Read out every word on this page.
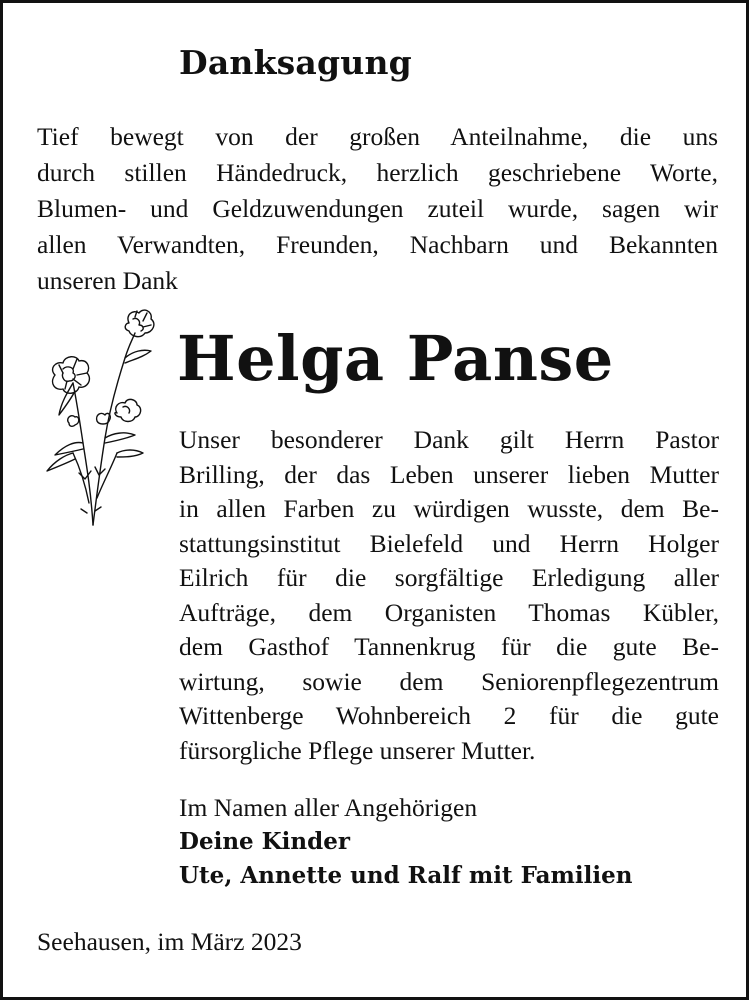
Danksagung

Tief bewegt von der großen Anteilnahme, die uns
durch stillen Händedruck, herzlich geschriebene Worte,
Blumen- und Geldzuwendungen zuteil wurde, sagen wir
allen Verwandten, Freunden, Nachbarn und Bekannten
unseren Dank

Helga Panse

Unser besonderer Dank gilt Herrn Pastor
Brilling, der das Leben unserer lieben Mutter
in allen Farben zu würdigen wusste, dem Be-
stattungsinstitut Bielefeld und Herrn Holger
Eilrich für die sorgfältige Erledigung aller
Aufträge, dem Organisten Thomas Kübler,
dem Gasthof Tannenkrug für die gute Be-
wirtung, sowie dem Seniorenpflegezentrum
Wittenberge Wohnbereich 2 für die gute
fürsorgliche Pflege unserer Mutter.

Im Namen aller Angehörigen
Deine Kinder
Ute, Annette und Ralf mit Familien
Seehausen, im März 2023
